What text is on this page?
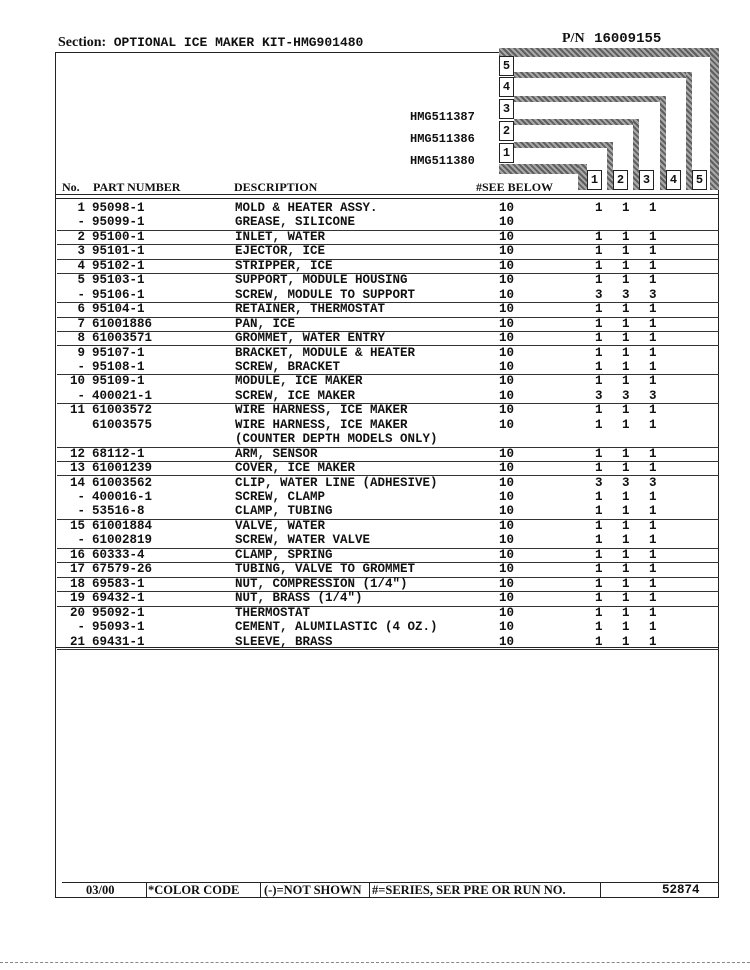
Section: OPTIONAL ICE MAKER KIT-HMG901480	P/N 16009155
5
4
3
2
1
HMG511387
HMG511386
HMG511380
1	2	3	4	5
No. PART NUMBER	DESCRIPTION	#SEE BELOW
1 95098-1	MOLD & HEATER ASSY.	10	1 1 1
- 95099-1	GREASE, SILICONE	10
2 95100-1	INLET, WATER	10	1 1 1
3 95101-1	EJECTOR, ICE	10	1 1 1
4 95102-1	STRIPPER, ICE	10	1 1 1
5 95103-1	SUPPORT, MODULE HOUSING	10	1 1 1
- 95106-1	SCREW, MODULE TO SUPPORT	10	3 3 3
6 95104-1	RETAINER, THERMOSTAT	10	1 1 1
7 61001886	PAN, ICE	10	1 1 1
8 61003571	GROMMET, WATER ENTRY	10	1 1 1
9 95107-1	BRACKET, MODULE & HEATER	10	1 1 1
- 95108-1	SCREW, BRACKET	10	1 1 1
10 95109-1	MODULE, ICE MAKER	10	1 1 1
- 400021-1	SCREW, ICE MAKER	10	3 3 3
11 61003572	WIRE HARNESS, ICE MAKER	10	1 1 1
61003575	WIRE HARNESS, ICE MAKER	10	1 1 1
(COUNTER DEPTH MODELS ONLY)
12 68112-1	ARM, SENSOR	10	1 1 1
13 61001239	COVER, ICE MAKER	10	1 1 1
14 61003562	CLIP, WATER LINE (ADHESIVE)	10	3 3 3
- 400016-1	SCREW, CLAMP	10	1 1 1
- 53516-8	CLAMP, TUBING	10	1 1 1
15 61001884	VALVE, WATER	10	1 1 1
- 61002819	SCREW, WATER VALVE	10	1 1 1
16 60333-4	CLAMP, SPRING	10	1 1 1
17 67579-26	TUBING, VALVE TO GROMMET	10	1 1 1
18 69583-1	NUT, COMPRESSION (1/4")	10	1 1 1
19 69432-1	NUT, BRASS (1/4")	10	1 1 1
20 95092-1	THERMOSTAT	10	1 1 1
- 95093-1	CEMENT, ALUMILASTIC (4 OZ.)	10	1 1 1
21 69431-1	SLEEVE, BRASS	10	1 1 1
03/00	*COLOR CODE (-)=NOT SHOWN #=SERIES, SER PRE OR RUN NO.	52874
